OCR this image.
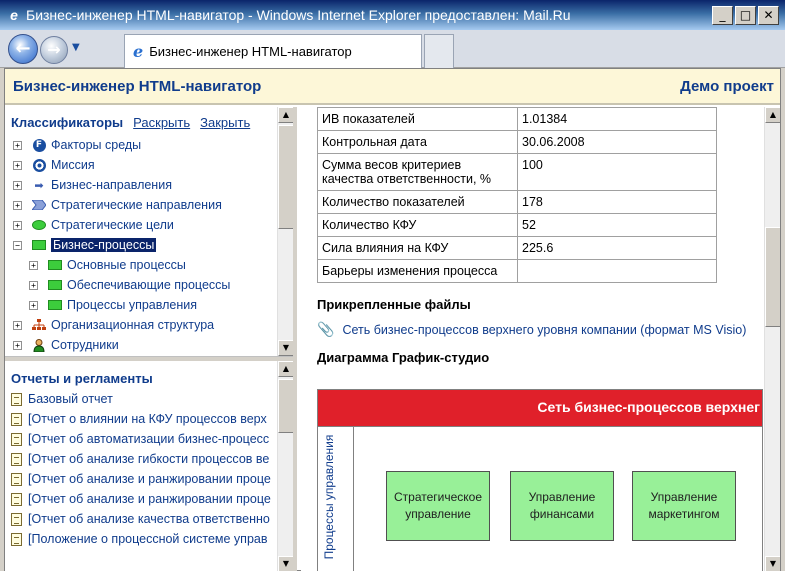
e Бизнес-инженер HTML-навигатор - Windows Internet Explorer предоставлен: Mail.Ru	_	□	✕
←	→	▼	e Бизнес-инженер HTML-навигатор
Бизнес-инженер HTML-навигатор	Демо проект
Классификаторы Раскрыть Закрыть
+	F Факторы среды
+ Миссия
+	➡ Бизнес-направления
+ Стратегические направления
+ Стратегические цели
−	Бизнес-процессы
+ Основные процессы
+ Обеспечивающие процессы
+ Процессы управления
+ Организационная структура
+ Сотрудники
▲
▼
Отчеты и регламенты
Базовый отчет
[Отчет о влиянии на КФУ процессов верх
[Отчет об автоматизации бизнес-процесс
[Отчет об анализе гибкости процессов ве
[Отчет об анализе и ранжировании проце
[Отчет об анализе и ранжировании проце
[Отчет об анализе качества ответственно
[Положение о процессной системе управ
▲
▼
ИВ показателей	1.01384
Контрольная дата	30.06.2008
Сумма весов критериев качества ответственности, %	100
Количество показателей	178
Количество КФУ	52
Сила влияния на КФУ	225.6
Барьеры изменения процесса	
Прикрепленные файлы
📎 Сеть бизнес-процессов верхнего уровня компании (формат MS Visio)
Диаграмма График-студио
Сеть бизнес-процессов верхнег
Процессы управления	Стратегическое управление
Управление финансами
Управление маркетингом
▲
▼
